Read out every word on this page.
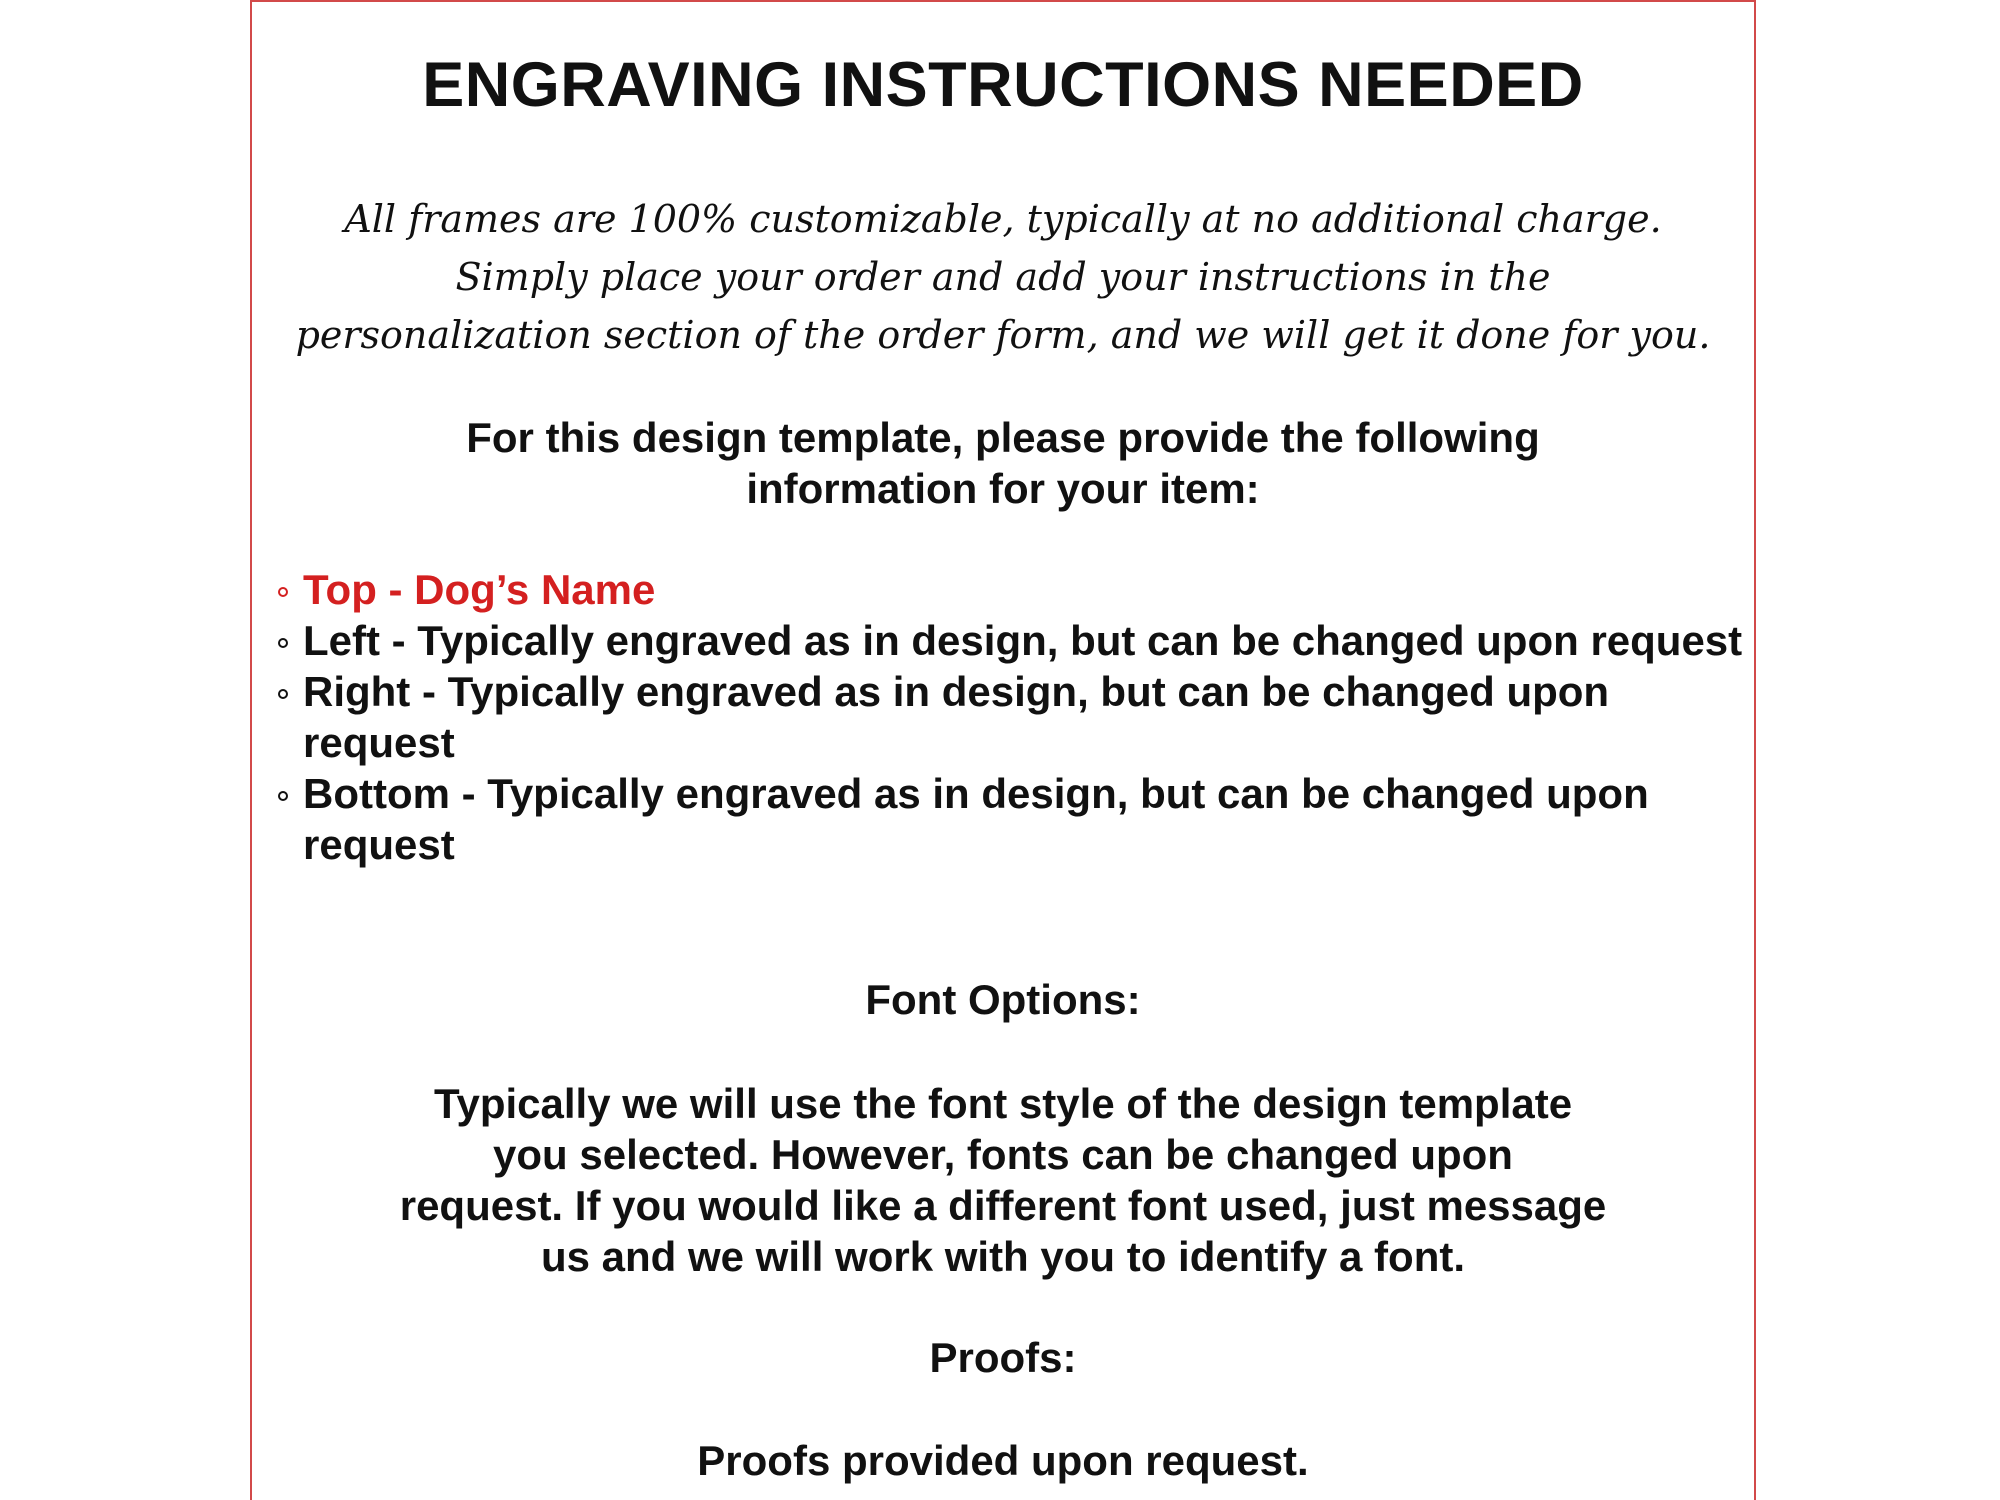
ENGRAVING INSTRUCTIONS NEEDED
All frames are 100% customizable, typically at no additional charge.
Simply place your order and add your instructions in the
personalization section of the order form, and we will get it done for you.
For this design template, please provide the following
information for your item:
Top - Dog’s Name
Left - Typically engraved as in design, but can be changed upon request
Right - Typically engraved as in design, but can be changed upon request
Bottom - Typically engraved as in design, but can be changed upon request
Font Options:
Typically we will use the font style of the design template
you selected. However, fonts can be changed upon
request. If you would like a different font used, just message
us and we will work with you to identify a font.
Proofs:
Proofs provided upon request.
